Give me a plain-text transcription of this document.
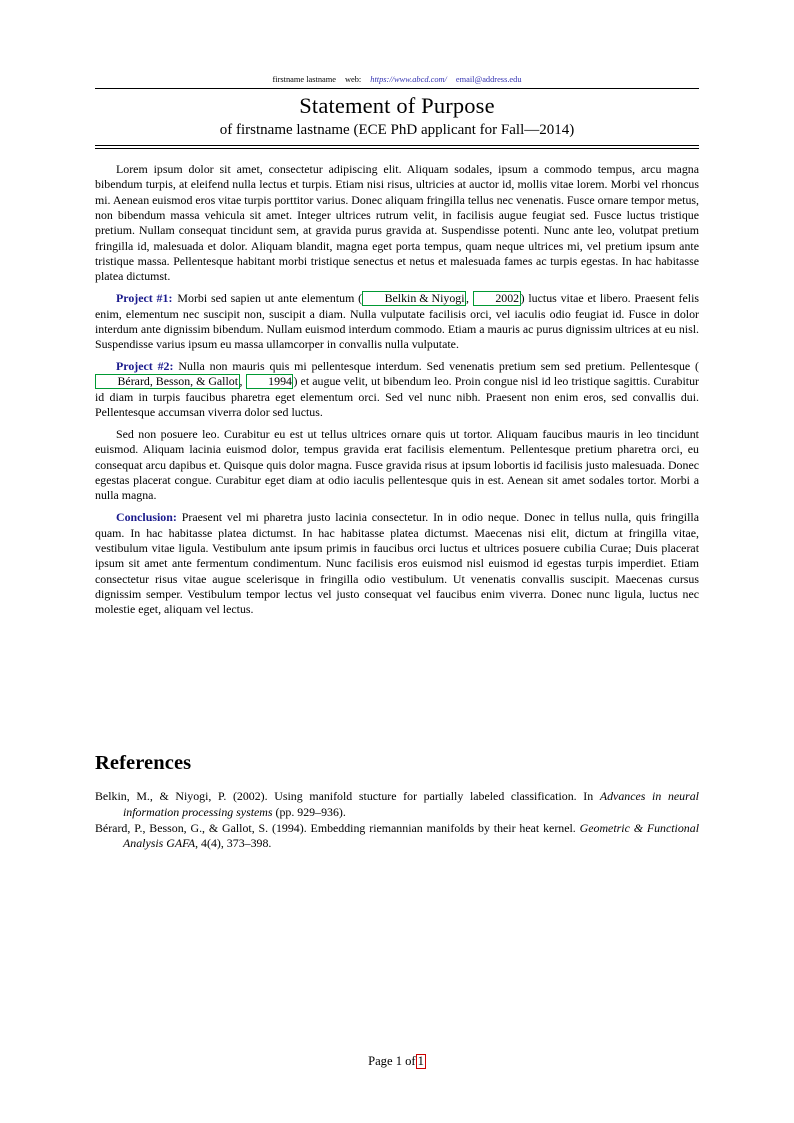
firstname lastname web: https://www.abcd.com/ email@address.edu
Statement of Purpose
of firstname lastname (ECE PhD applicant for Fall—2014)

Lorem ipsum dolor sit amet, consectetur adipiscing elit. Aliquam sodales, ipsum a commodo tempus, arcu magna bibendum turpis, at eleifend nulla lectus et turpis. Etiam nisi risus, ultricies at auctor id, mollis vitae lorem. Morbi vel rhoncus mi. Aenean euismod eros vitae turpis porttitor varius. Donec aliquam fringilla tellus nec venenatis. Fusce ornare tempor metus, non bibendum massa vehicula sit amet. Integer ultrices rutrum velit, in facilisis augue feugiat sed. Fusce luctus tristique pretium. Nullam consequat tincidunt sem, at gravida purus gravida at. Suspendisse potenti. Nunc ante leo, volutpat pretium fringilla id, malesuada et dolor. Aliquam blandit, magna eget porta tempus, quam neque ultrices mi, vel pretium ipsum ante tristique massa. Pellentesque habitant morbi tristique senectus et netus et malesuada fames ac turpis egestas. In hac habitasse platea dictumst.

Project #1: Morbi sed sapien ut ante elementum ( Belkin & Niyogi , 2002 ) luctus vitae et libero. Praesent felis enim, elementum nec suscipit non, suscipit a diam. Nulla vulputate facilisis orci, vel iaculis odio feugiat id. Fusce in dolor interdum ante dignissim bibendum. Nullam euismod interdum commodo. Etiam a mauris ac purus dignissim ultrices at eu nisl. Suspendisse varius ipsum eu massa ullamcorper in convallis nulla vulputate.

Project #2: Nulla non mauris quis mi pellentesque interdum. Sed venenatis pretium sem sed pretium. Pellentesque (Bérard, Besson, & Gallot , 1994 ) et augue velit, ut bibendum leo. Proin congue nisl id leo tristique sagittis. Curabitur id diam in turpis faucibus pharetra eget elementum orci. Sed vel nunc nibh. Praesent non enim eros, sed convallis dui. Pellentesque accumsan viverra dolor sed luctus.

Sed non posuere leo. Curabitur eu est ut tellus ultrices ornare quis ut tortor. Aliquam faucibus mauris in leo tincidunt euismod. Aliquam lacinia euismod dolor, tempus gravida erat facilisis elementum. Pellentesque pretium pharetra orci, eu consequat arcu dapibus et. Quisque quis dolor magna. Fusce gravida risus at ipsum lobortis id facilisis justo malesuada. Donec egestas placerat congue. Curabitur eget diam at odio iaculis pellentesque quis in est. Aenean sit amet sodales tortor. Morbi a nulla magna.

Conclusion: Praesent vel mi pharetra justo lacinia consectetur. In in odio neque. Donec in tellus nulla, quis fringilla quam. In hac habitasse platea dictumst. In hac habitasse platea dictumst. Maecenas nisi elit, dictum at fringilla vitae, vestibulum vitae ligula. Vestibulum ante ipsum primis in faucibus orci luctus et ultrices posuere cubilia Curae; Duis placerat ipsum sit amet ante fermentum condimentum. Nunc facilisis eros euismod nisl euismod id egestas turpis imperdiet. Etiam consectetur risus vitae augue scelerisque in fringilla odio vestibulum. Ut venenatis convallis suscipit. Maecenas cursus dignissim semper. Vestibulum tempor lectus vel justo consequat vel faucibus enim viverra. Donec nunc ligula, luctus nec molestie eget, aliquam vel lectus.

References

Belkin, M., & Niyogi, P. (2002). Using manifold stucture for partially labeled classification. In Advances in neural information processing systems (pp. 929–936).

Bérard, P., Besson, G., & Gallot, S. (1994). Embedding riemannian manifolds by their heat kernel. Geometric & Functional Analysis GAFA, 4(4), 373–398.

Page 1 of 1
